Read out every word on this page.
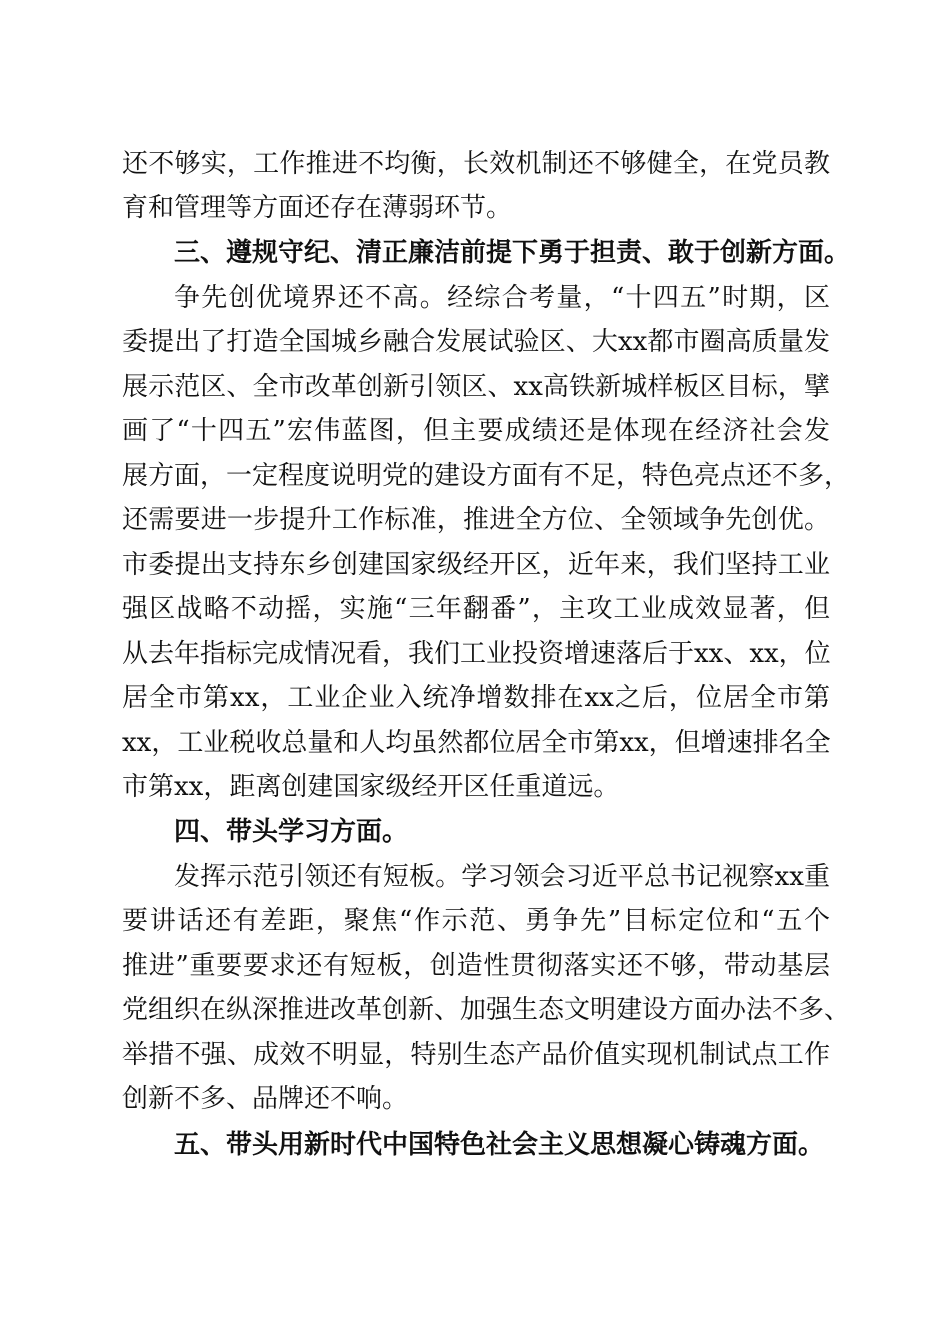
还不够实，工作推进不均衡，长效机制还不够健全，在党员教
育和管理等方面还存在薄弱环节。
三、遵规守纪、清正廉洁前提下勇于担责、敢于创新方面。
争先创优境界还不高。经综合考量，“十四五”时期，区
委提出了打造全国城乡融合发展试验区、大xx都市圈高质量发
展示范区、全市改革创新引领区、xx高铁新城样板区目标，擘
画了“十四五”宏伟蓝图，但主要成绩还是体现在经济社会发
展方面，一定程度说明党的建设方面有不足，特色亮点还不多，
还需要进一步提升工作标准，推进全方位、全领域争先创优。
市委提出支持东乡创建国家级经开区，近年来，我们坚持工业
强区战略不动摇，实施“三年翻番”，主攻工业成效显著，但
从去年指标完成情况看，我们工业投资增速落后于xx、xx，位
居全市第xx，工业企业入统净增数排在xx之后，位居全市第
xx，工业税收总量和人均虽然都位居全市第xx，但增速排名全
市第xx，距离创建国家级经开区任重道远。
四、带头学习方面。
发挥示范引领还有短板。学习领会习近平总书记视察xx重
要讲话还有差距，聚焦“作示范、勇争先”目标定位和“五个
推进”重要要求还有短板，创造性贯彻落实还不够，带动基层
党组织在纵深推进改革创新、加强生态文明建设方面办法不多、
举措不强、成效不明显，特别生态产品价值实现机制试点工作
创新不多、品牌还不响。
五、带头用新时代中国特色社会主义思想凝心铸魂方面。
